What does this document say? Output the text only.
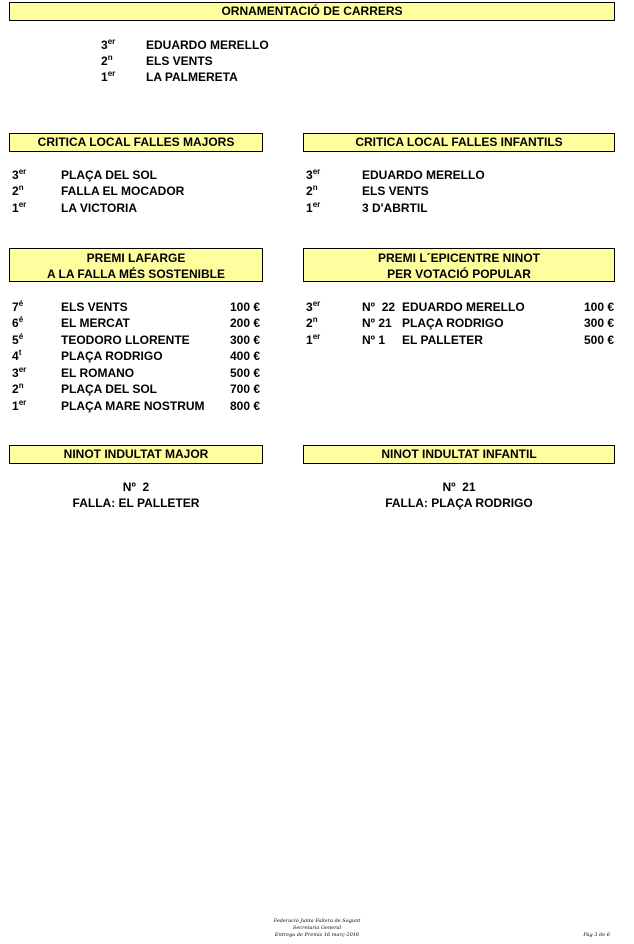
ORNAMENTACIÓ DE CARRERS
3er	EDUARDO MERELLO
2$^n$	ELS VENTS
1er	LA PALMERETA
CRITICA LOCAL FALLES MAJORS	CRITICA LOCAL FALLES INFANTILS
3er	PLAÇA DEL SOL
2$^n$	FALLA EL MOCADOR
1er	LA VICTORIA
3er	EDUARDO MERELLO
2$^n$	ELS VENTS
1er	3 D'ABRTIL
PREMI LAFARGE
A LA FALLA MÉS SOSTENIBLE
PREMI L´EPICENTRE NINOT
PER VOTACIÓ POPULAR
$7^é$	ELS VENTS	100 €
$6^é$	EL MERCAT	200 €
$5^é$	TEODORO LLORENTE	300 €
4$^t$	PLAÇA RODRIGO	400 €
3er	EL ROMANO	500 €
2$^n$	PLAÇA DEL SOL	700 €
1er	PLAÇA MARE NOSTRUM 800 €
3er	Nº  22 EDUARDO MERELLO	100 €
2$^n$	Nº 21 PLAÇA RODRIGO	300 €
1er	Nº 1 EL PALLETER	500 €
NINOT INDULTAT MAJOR	NINOT INDULTAT INFANTIL
Nº  2
FALLA: EL PALLETER
Nº  21
FALLA: PLAÇA RODRIGO
Federació Junta Fallera de Sagunt
Secretaria General
Entrega de Premis 16 març-2018	Pàg 3 de 6
